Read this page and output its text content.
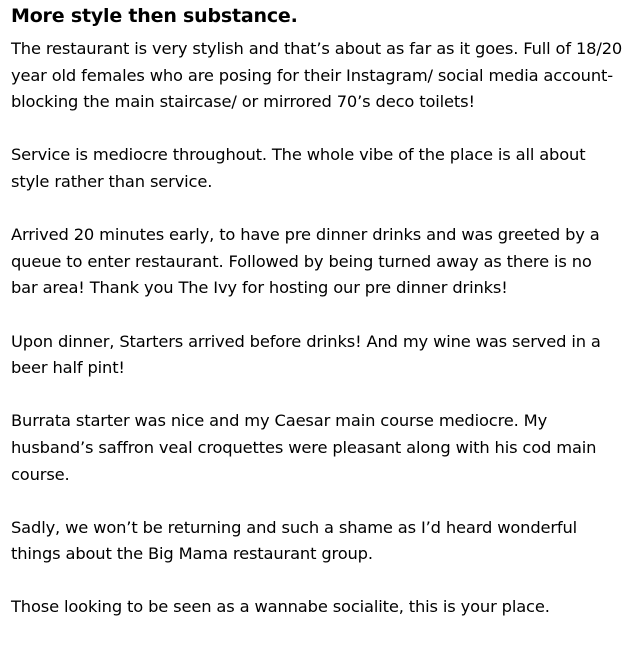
More style then substance.

The restaurant is very stylish and that’s about as far as it goes. Full of 18/20 year old females who are posing for their Instagram/ social media account- blocking the main staircase/ or mirrored 70’s deco toilets!

Service is mediocre throughout. The whole vibe of the place is all about style rather than service.

Arrived 20 minutes early, to have pre dinner drinks and was greeted by a queue to enter restaurant. Followed by being turned away as there is no bar area! Thank you The Ivy for hosting our pre dinner drinks!

Upon dinner, Starters arrived before drinks! And my wine was served in a beer half pint!

Burrata starter was nice and my Caesar main course mediocre. My husband’s saffron veal croquettes were pleasant along with his cod main course.

Sadly, we won’t be returning and such a shame as I’d heard wonderful things about the Big Mama restaurant group.

Those looking to be seen as a wannabe socialite, this is your place.
